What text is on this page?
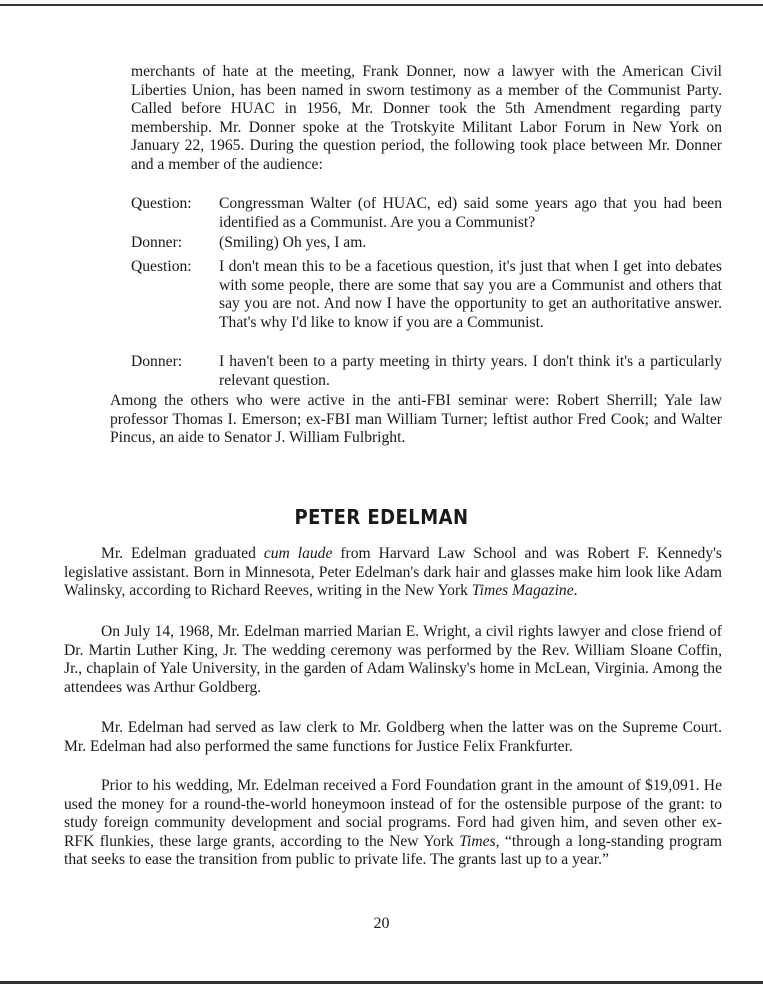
merchants of hate at the meeting, Frank Donner, now a lawyer with the American Civil Liberties Union, has been named in sworn testimony as a member of the Communist Party. Called before HUAC in 1956, Mr. Donner took the 5th Amendment regarding party membership. Mr. Donner spoke at the Trotskyite Militant Labor Forum in New York on January 22, 1965. During the question period, the following took place between Mr. Donner and a member of the audience:
Question:	Congressman Walter (of HUAC, ed) said some years ago that you had been identified as a Communist. Are you a Communist?
Donner:	(Smiling) Oh yes, I am.
Question:	I don't mean this to be a facetious question, it's just that when I get into debates with some people, there are some that say you are a Communist and others that say you are not. And now I have the opportunity to get an authoritative answer. That's why I'd like to know if you are a Communist.
Donner:	I haven't been to a party meeting in thirty years. I don't think it's a particularly relevant question.
Among the others who were active in the anti-FBI seminar were: Robert Sherrill; Yale law professor Thomas I. Emerson; ex-FBI man William Turner; leftist author Fred Cook; and Walter Pincus, an aide to Senator J. William Fulbright.
PETER EDELMAN
Mr. Edelman graduated cum laude from Harvard Law School and was Robert F. Kennedy's legislative assistant. Born in Minnesota, Peter Edelman's dark hair and glasses make him look like Adam Walinsky, according to Richard Reeves, writing in the New York Times Magazine.
On July 14, 1968, Mr. Edelman married Marian E. Wright, a civil rights lawyer and close friend of Dr. Martin Luther King, Jr. The wedding ceremony was performed by the Rev. William Sloane Coffin, Jr., chaplain of Yale University, in the garden of Adam Walinsky's home in McLean, Virginia. Among the attendees was Arthur Goldberg.
Mr. Edelman had served as law clerk to Mr. Goldberg when the latter was on the Supreme Court. Mr. Edelman had also performed the same functions for Justice Felix Frankfurter.
Prior to his wedding, Mr. Edelman received a Ford Foundation grant in the amount of $19,091. He used the money for a round-the-world honeymoon instead of for the ostensible purpose of the grant: to study foreign community development and social programs. Ford had given him, and seven other ex-RFK flunkies, these large grants, according to the New York Times, “through a long-standing program that seeks to ease the transition from public to private life. The grants last up to a year.”
20
